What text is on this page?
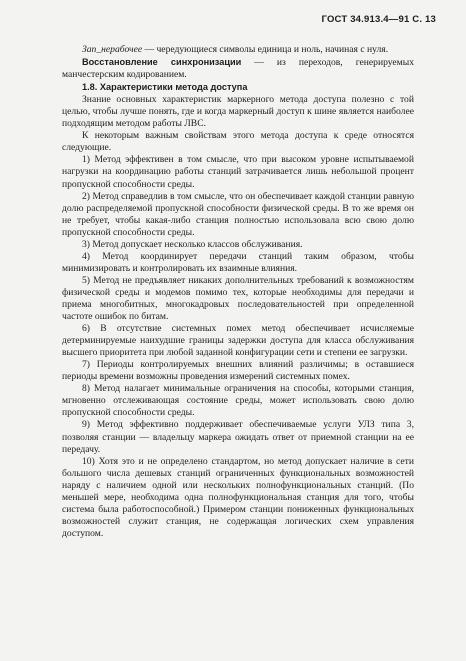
ГОСТ 34.913.4—91 С. 13

Зап_нерабочее — чередующиеся символы единица и ноль, начиная с нуля.

Восстановление синхронизации — из переходов, генерируемых манчестерским кодированием.

1.8. Характеристики метода доступа

Знание основных характеристик маркерного метода доступа полезно с той целью, чтобы лучше понять, где и когда маркерный доступ к шине является наиболее подходящим методом работы ЛВС.

К некоторым важным свойствам этого метода доступа к среде относятся следующие.

1) Метод эффективен в том смысле, что при высоком уровне испытываемой нагрузки на координацию работы станций затрачивается лишь небольшой процент пропускной способности среды.

2) Метод справедлив в том смысле, что он обеспечивает каждой станции равную долю распределяемой пропускной способности физической среды. В то же время он не требует, чтобы какая-либо станция полностью использовала всю свою долю пропускной способности среды.

3) Метод допускает несколько классов обслуживания.

4) Метод координирует передачи станций таким образом, чтобы минимизировать и контролировать их взаимные влияния.

5) Метод не предъявляет никаких дополнительных требований к возможностям физической среды и модемов помимо тех, которые необходимы для передачи и приема многобитных, многокадровых последовательностей при определенной частоте ошибок по битам.

6) В отсутствие системных помех метод обеспечивает исчисляемые детерминируемые наихудшие границы задержки доступа для класса обслуживания высшего приоритета при любой заданной конфигурации сети и степени ее загрузки.

7) Периоды контролируемых внешних влияний различимы; в оставшиеся периоды времени возможны проведения измерений системных помех.

8) Метод налагает минимальные ограничения на способы, которыми станция, мгновенно отслеживающая состояние среды, может использовать свою долю пропускной способности среды.

9) Метод эффективно поддерживает обеспечиваемые услуги УЛЗ типа 3, позволяя станции — владельцу маркера ожидать ответ от приемной станции на ее передачу.

10) Хотя это и не определено стандартом, но метод допускает наличие в сети большого числа дешевых станций ограниченных функциональных возможностей наряду с наличием одной или нескольких полнофункциональных станций. (По меньшей мере, необходима одна полнофункциональная станция для того, чтобы система была работоспособной.) Примером станции пониженных функциональных возможностей служит станция, не содержащая логических схем управления доступом.
